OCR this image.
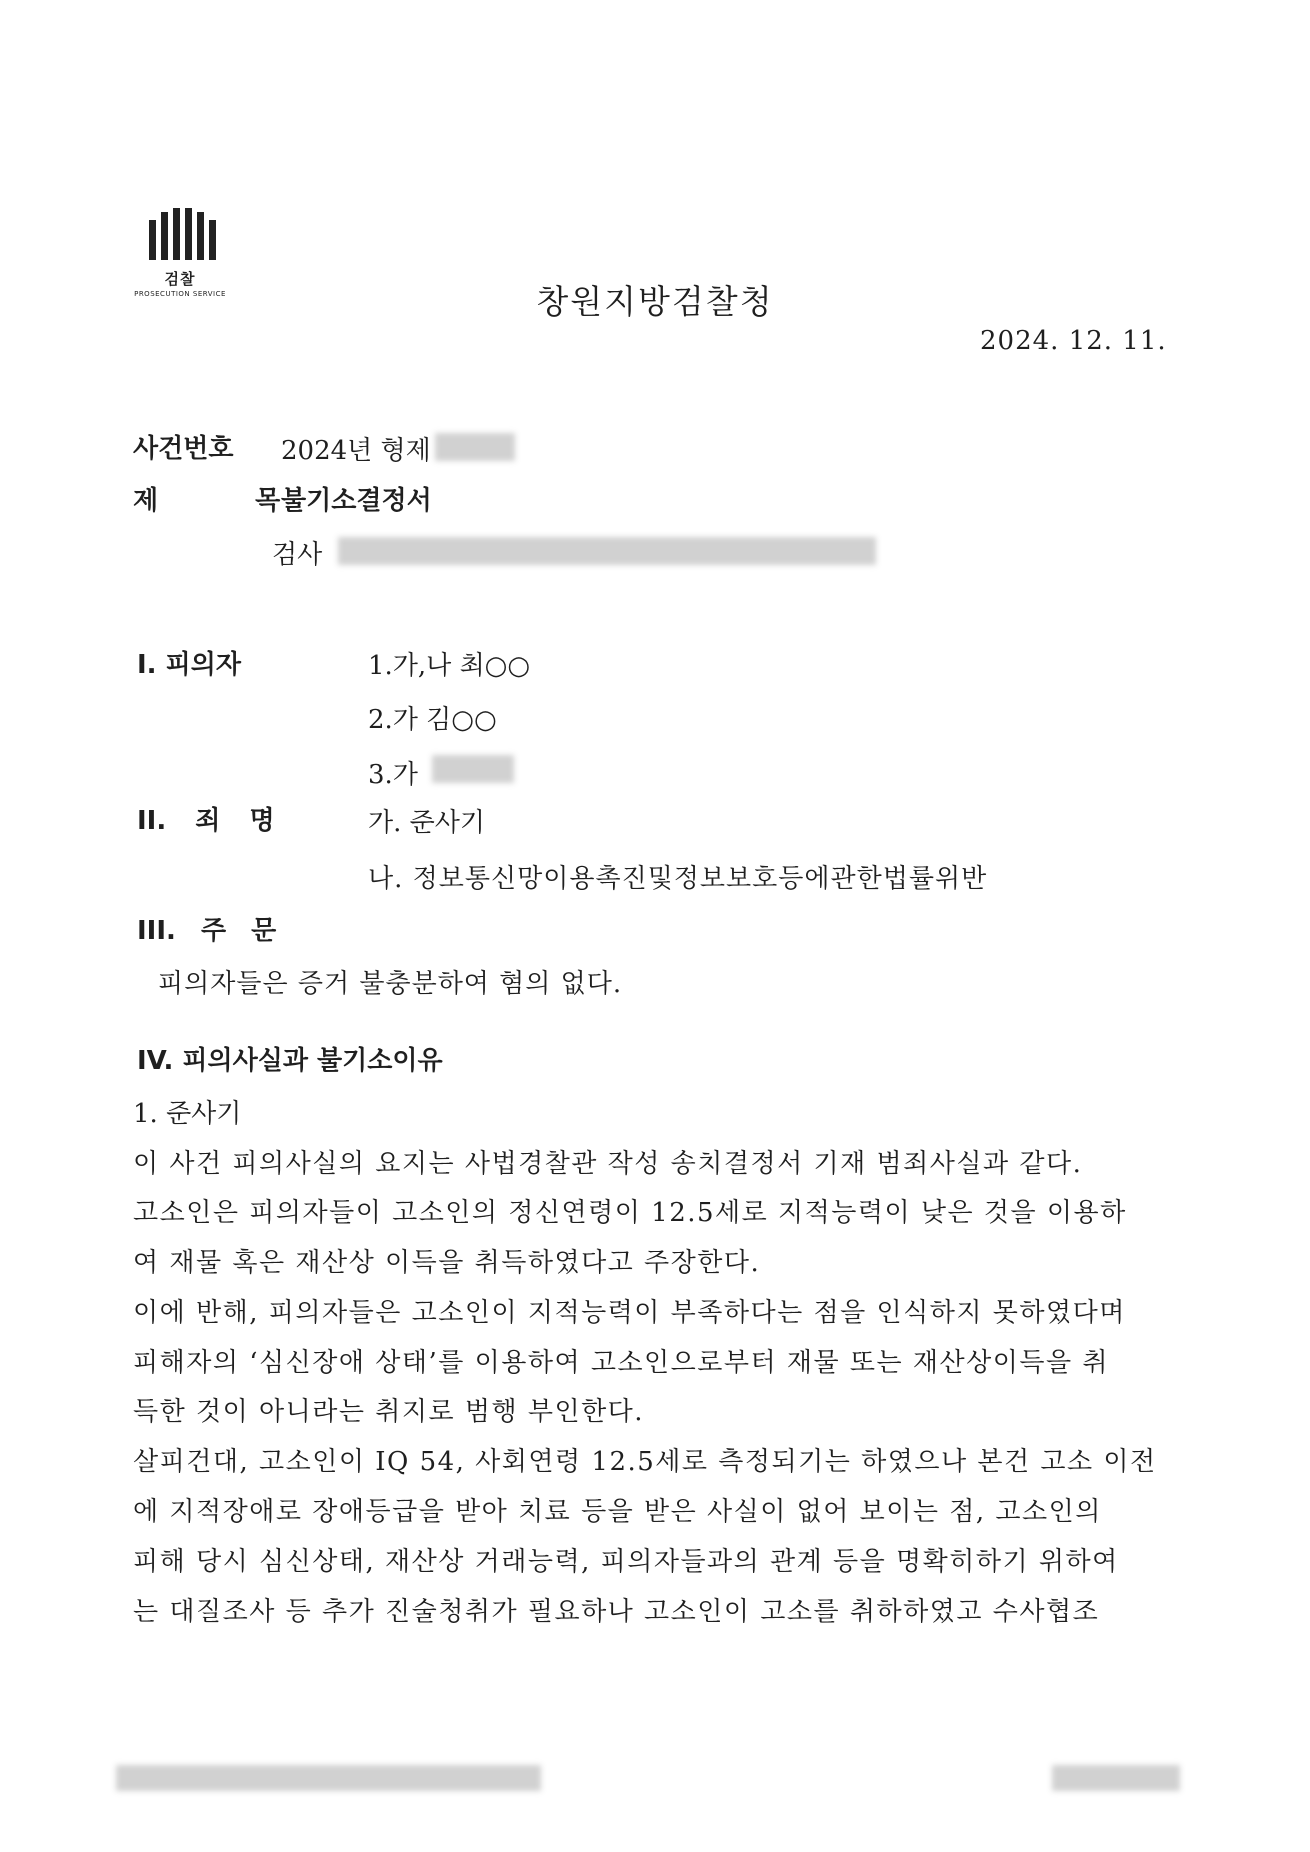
검찰
PROSECUTION SERVICE	창원지방검찰청
2024. 12. 11.
사건번호 2024년 형제
제 목
불기소결정서
검사
I. 피의자	1.가,나 최○○
2.가 김○○
3.가
II. 죄 명	가. 준사기
나. 정보통신망이용촉진및정보보호등에관한법률위반
III. 주 문
피의자들은 증거 불충분하여 혐의 없다.
IV. 피의사실과 불기소이유
1. 준사기
이 사건 피의사실의 요지는 사법경찰관 작성 송치결정서 기재 범죄사실과 같다.
고소인은 피의자들이 고소인의 정신연령이 12.5세로 지적능력이 낮은 것을 이용하
여 재물 혹은 재산상 이득을 취득하였다고 주장한다.
이에 반해, 피의자들은 고소인이 지적능력이 부족하다는 점을 인식하지 못하였다며
피해자의 ‘심신장애 상태’를 이용하여 고소인으로부터 재물 또는 재산상이득을 취
득한 것이 아니라는 취지로 범행 부인한다.
살피건대, 고소인이 IQ 54, 사회연령 12.5세로 측정되기는 하였으나 본건 고소 이전
에 지적장애로 장애등급을 받아 치료 등을 받은 사실이 없어 보이는 점, 고소인의
피해 당시 심신상태, 재산상 거래능력, 피의자들과의 관계 등을 명확히하기 위하여
는 대질조사 등 추가 진술청취가 필요하나 고소인이 고소를 취하하였고 수사협조
